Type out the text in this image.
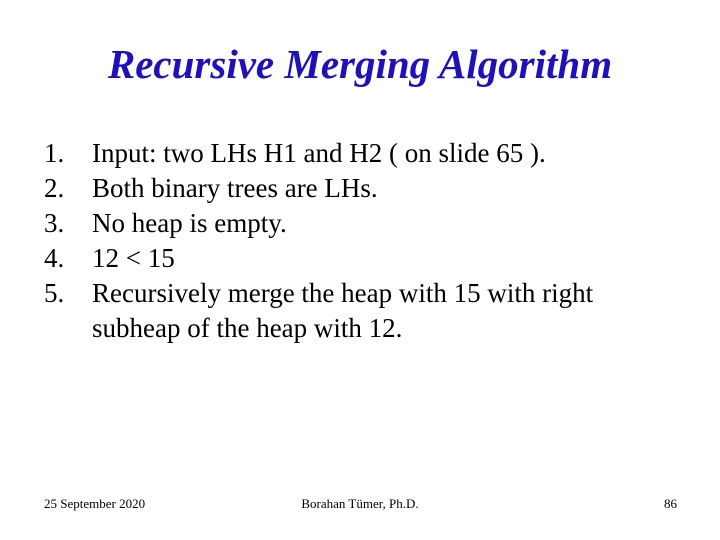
Recursive Merging Algorithm
1.	Input: two LHs H1 and H2 ( on slide 65 ).
2.	Both binary trees are LHs.
3.	No heap is empty.
4.	12 < 15
5.	Recursively merge the heap with 15 with right subheap of the heap with 12.
25 September 2020	Borahan Tümer, Ph.D.	86
